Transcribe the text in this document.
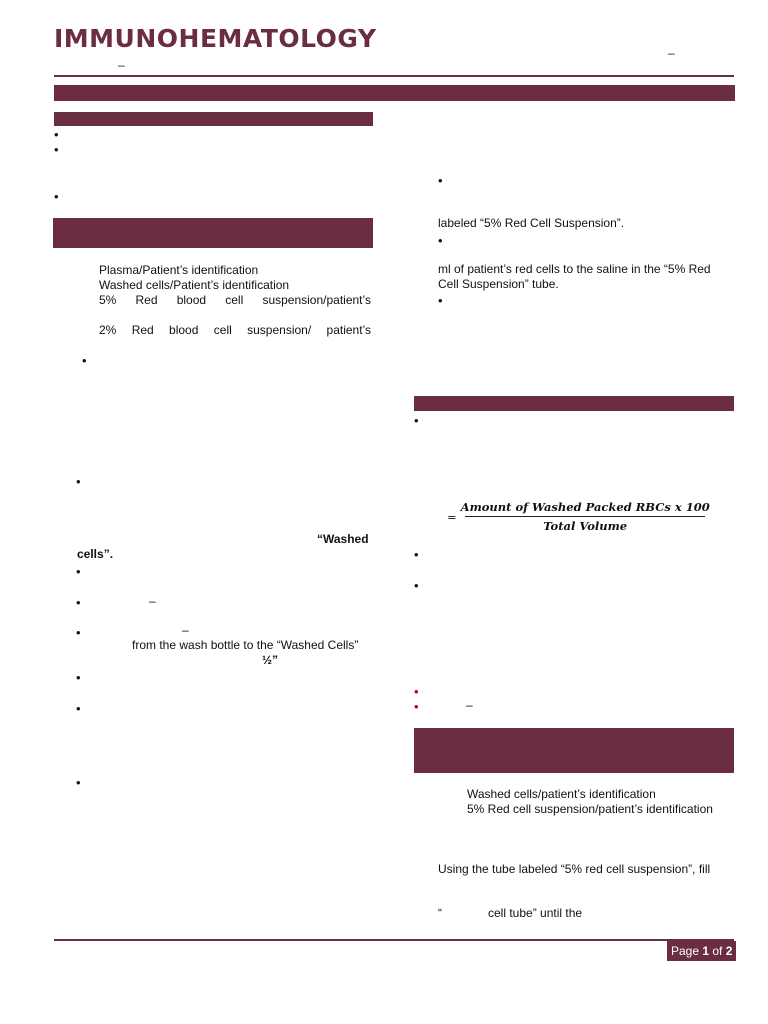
IMMUNOHEMATOLOGY
–
–
•
•
•
Plasma/Patient’s identification
Washed cells/Patient’s identification
5% Red blood cell suspension/patient’s
2% Red blood cell suspension/ patient’s
•
•
“Washed
cells”.
•
•
–
•
–
from the wash bottle to the “Washed Cells”
½”
•
•
•
•
labeled “5% Red Cell Suspension”.
•
ml of patient’s red cells to the saline in the “5% Red
Cell Suspension” tube.
•
•
= $\frac{\text{Amount of Washed Packed RBCs x 100}}{\text{Total Volume}}$
•
•
•
•
–
Washed cells/patient’s identification
5% Red cell suspension/patient’s identification
Using the tube labeled “5% red cell suspension”, fill
“	cell tube” until the
Page 1 of 2
